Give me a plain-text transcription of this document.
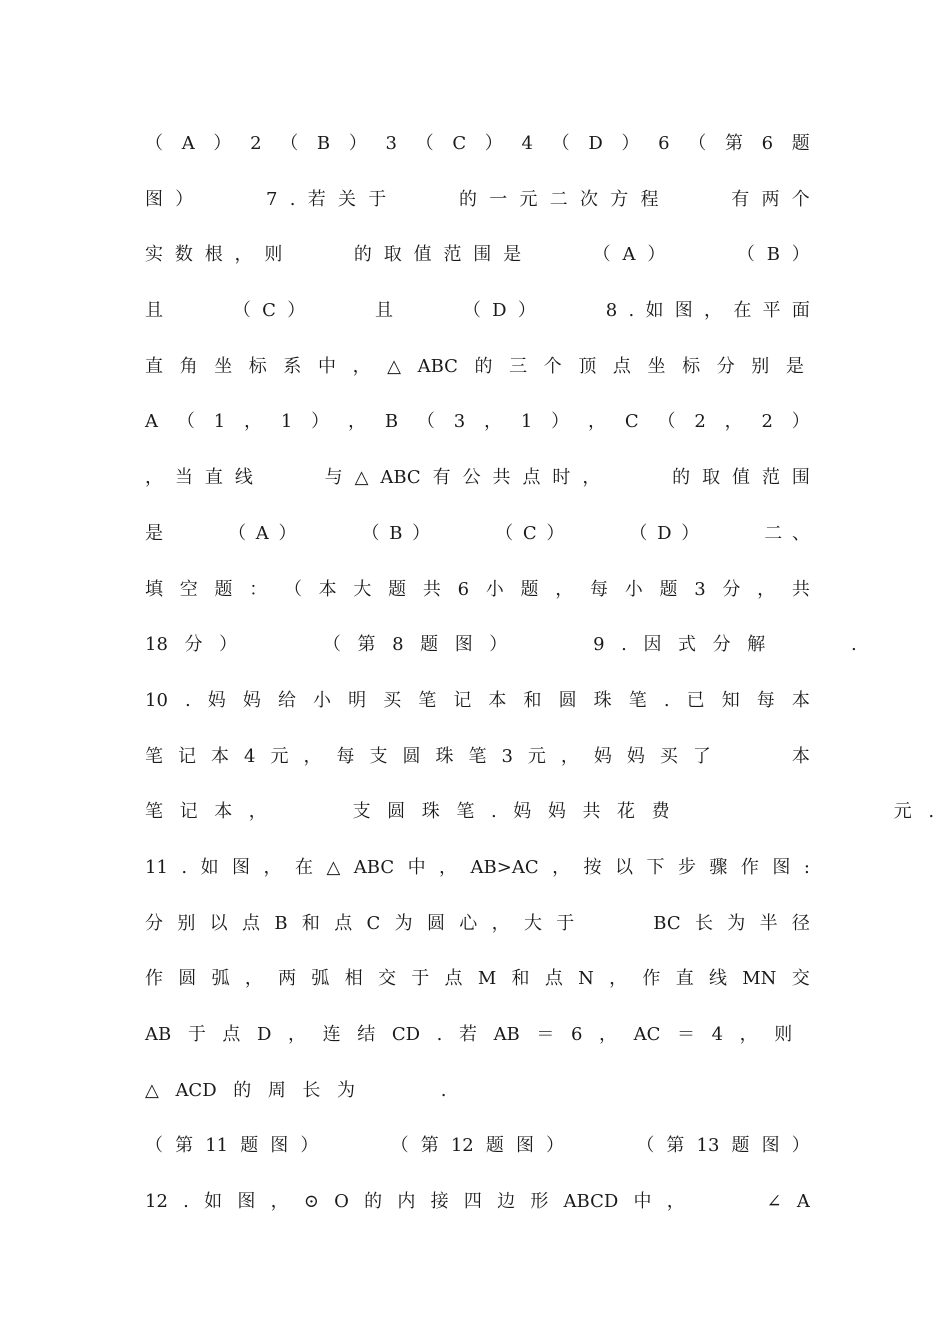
（ A ） 2 （ B ） 3 （ C ） 4 （ D ） 6 （ 第 6 题
图 ）

　	7 . 若 关 于

　	的 一 元 二 次 方 程

　	有 两 个
实 数 根 ， 则

　	的 取 值 范 围 是

　	（ A ）

　	（ B ）
且

　	（ C ）

　	且

　	（ D ）

　	8 . 如 图 ， 在 平 面
直 角 坐 标 系 中 ， △ ABC 的 三 个 顶 点 坐 标 分 别 是
A （ 1 ， 1 ） ， B （ 3 ， 1 ） ， C （ 2 ， 2 ）
， 当 直 线

　	与 △ ABC 有 公 共 点 时 ，

　	的 取 值 范 围
是

　	（ A ）

　	（ B ）

　	（ C ）

　	（ D ）

　	二 、
填 空 题 ： （ 本 大 题 共 6 小 题 ， 每 小 题 3 分 ， 共
18 分 ）

　	（ 第 8 题 图 ）

　	9 . 因 式 分 解

　	.
10 . 妈 妈 给 小 明 买 笔 记 本 和 圆 珠 笔 . 已 知 每 本
笔 记 本 4 元 ， 每 支 圆 珠 笔 3 元 ， 妈 妈 买 了

　	本
笔 记 本 ，

　	支 圆 珠 笔 . 妈 妈 共 花 费

　	元 .
11 . 如 图 ， 在 △ ABC 中 ， AB>AC ， 按 以 下 步 骤 作 图 :
分 别 以 点 B 和 点 C 为 圆 心 ， 大 于

　	BC 长 为 半 径
作 圆 弧 ， 两 弧 相 交 于 点 M 和 点 N ， 作 直 线 MN 交
AB 于 点 D ， 连 结 CD . 若 AB ＝ 6 ， AC ＝ 4 ， 则
△ ACD 的 周 长 为

　	.
（ 第 11 题 图 ）

　	（ 第 12 题 图 ）

　	（ 第 13 题 图 ）
12 . 如 图 ， ⊙ O 的 内 接 四 边 形 ABCD 中 ，

　	∠ A
